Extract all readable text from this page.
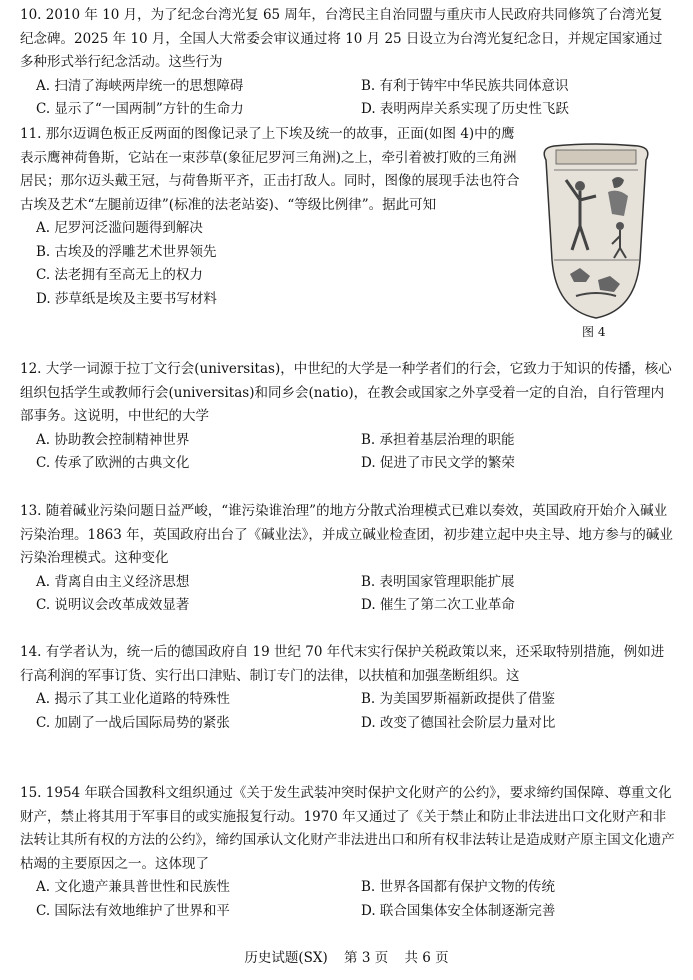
10. 2010 年 10 月，为了纪念台湾光复 65 周年，台湾民主自治同盟与重庆市人民政府共同修筑了台湾光复纪念碑。2025 年 10 月，全国人大常委会审议通过将 10 月 25 日设立为台湾光复纪念日，并规定国家通过多种形式举行纪念活动。这些行为

A. 扫清了海峡两岸统一的思想障碍	B. 有利于铸牢中华民族共同体意识
C. 显示了“一国两制”方针的生命力	D. 表明两岸关系实现了历史性飞跃

11. 那尔迈调色板正反两面的图像记录了上下埃及统一的故事，正面(如图 4)中的鹰表示鹰神荷鲁斯，它站在一束莎草(象征尼罗河三角洲)之上，牵引着被打败的三角洲居民；那尔迈头戴王冠，与荷鲁斯平齐，正击打敌人。同时，图像的展现手法也符合古埃及艺术“左腿前迈律”(标准的法老站姿)、“等级比例律”。据此可知

A. 尼罗河泛滥问题得到解决
B. 古埃及的浮雕艺术世界领先
C. 法老拥有至高无上的权力
D. 莎草纸是埃及主要书写材料
图 4

12. 大学一词源于拉丁文行会(universitas)，中世纪的大学是一种学者们的行会，它致力于知识的传播，核心组织包括学生或教师行会(universitas)和同乡会(natio)，在教会或国家之外享受着一定的自治，自行管理内部事务。这说明，中世纪的大学

A. 协助教会控制精神世界	B. 承担着基层治理的职能
C. 传承了欧洲的古典文化	D. 促进了市民文学的繁荣

13. 随着碱业污染问题日益严峻，“谁污染谁治理”的地方分散式治理模式已难以奏效，英国政府开始介入碱业污染治理。1863 年，英国政府出台了《碱业法》，并成立碱业检查团，初步建立起中央主导、地方参与的碱业污染治理模式。这种变化

A. 背离自由主义经济思想	B. 表明国家管理职能扩展
C. 说明议会改革成效显著	D. 催生了第二次工业革命

14. 有学者认为，统一后的德国政府自 19 世纪 70 年代末实行保护关税政策以来，还采取特别措施，例如进行高利润的军事订货、实行出口津贴、制订专门的法律，以扶植和加强垄断组织。这

A. 揭示了其工业化道路的特殊性	B. 为美国罗斯福新政提供了借鉴
C. 加剧了一战后国际局势的紧张	D. 改变了德国社会阶层力量对比

15. 1954 年联合国教科文组织通过《关于发生武装冲突时保护文化财产的公约》，要求缔约国保障、尊重文化财产，禁止将其用于军事目的或实施报复行动。1970 年又通过了《关于禁止和防止非法进出口文化财产和非法转让其所有权的方法的公约》，缔约国承认文化财产非法进出口和所有权非法转让是造成财产原主国文化遗产枯竭的主要原因之一。这体现了

A. 文化遗产兼具普世性和民族性	B. 世界各国都有保护文物的传统
C. 国际法有效地维护了世界和平	D. 联合国集体安全体制逐渐完善
历史试题(SX) 第 3 页 共 6 页
